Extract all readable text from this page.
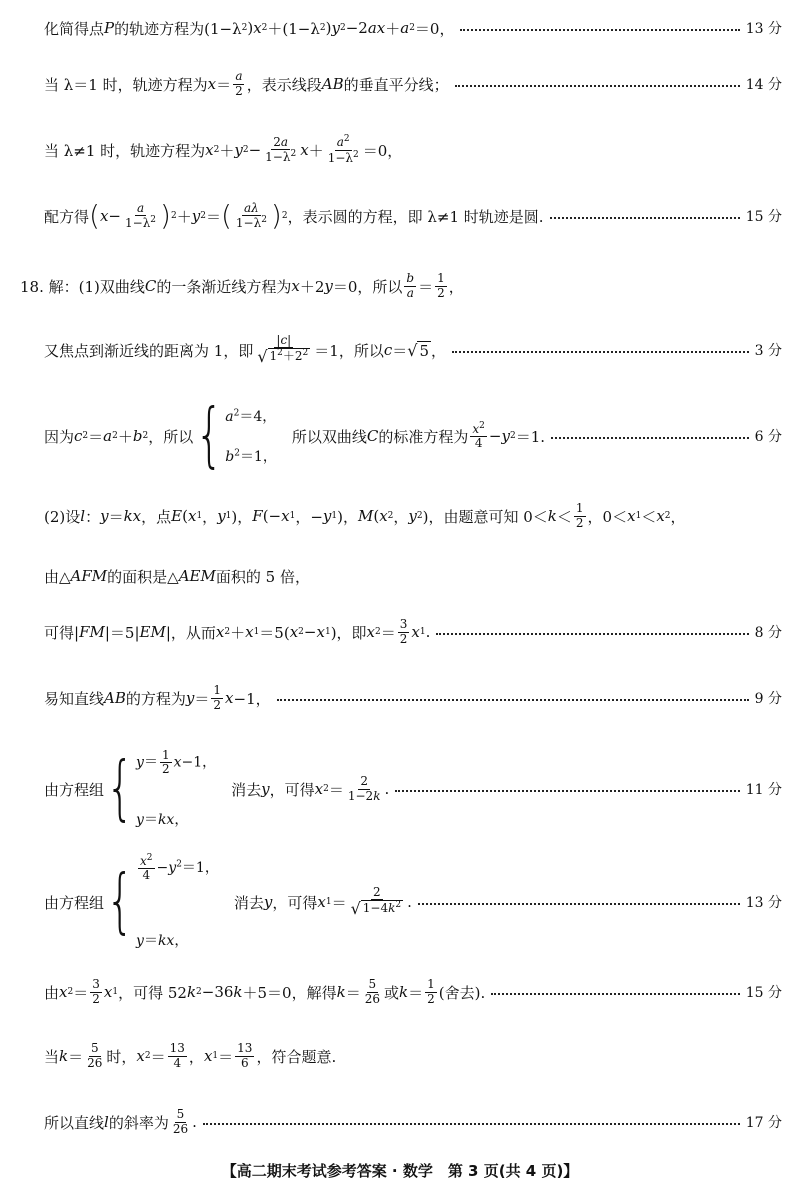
化简得点 P 的轨迹方程为(1−λ 2 ) x 2 ＋(1−λ 2 ) y 2 −2 ax ＋ a 2 ＝0，	13 分
当 λ＝1 时，轨迹方程为 $x = \frac{a}{2}$ ，表示线段 AB 的垂直平分线；	14 分
当 λ≠1 时，轨迹方程为 x 2 ＋ y $2 - \frac{2a}{1-\lambda^2}$ $x + \frac{a^2}{1-\lambda^2} =0$，
配方得 ( $x - \frac{a}{1-\lambda^2}$ ) 2 ＋ y 2 ＝ ( $\frac{a\lambda}{1-\lambda^2}$ ) 2 ，表示圆的方程，即 λ≠1 时轨迹是圆.	15 分
18. 解：(1)双曲线 C 的一条渐近线方程为 x ＋2 y ＝0，所以 $\frac{b}{a} = \frac{1}{2}$ ，
又焦点到渐近线的距离为 1，即 $\frac{|c|}{√ 1^2+2^2} =1$，所以 c ＝ √ 5 ，	3 分
因为 c 2 ＝ a 2 ＋ b 2 ，所以 { $a^2=4$，
$b^2=1$，
　所以双曲线 C 的标准方程为 $\frac{x^2}{4} - y$ 2 ＝1.	6 分
(2)设 l ： y ＝ kx ，点 E ( x 1 ， y 1 )， F (− x 1 ，− y 1 )， M ( x 2 ， y 2 )，由题意可知 $0< k < \frac{1}{2}$ ，0＜ x 1 ＜ x 2 ，
由△ AFM 的面积是△ AEM 面积的 5 倍，
可得| FM |＝5| EM |，从而 x 2 ＋ x 1 ＝5( x 2 − x 1 )，即 x $2 = \frac{3}{2}$ x 1 .	8 分
易知直线 AB 的方程为 $y = \frac{1}{2}$ x −1，	9 分
由方程组 { $y= \frac{1}{2} x-1$，
y＝kx，
　消去 y ，可得 x $2 = \frac{2}{1-2k}$ .	11 分
由方程组 { $\frac{x^2}{4} -y^2=1$，
y＝kx，
　消去 y ，可得 x $1 = \frac{2}{√ 1-4k^2}$ .	13 分
由 x $2 = \frac{3}{2}$ x 1 ，可得 52 k 2 −36 k ＋5＝0，解得 $k = \frac{5}{26}$ 或 $k = \frac{1}{2}$ (舍去).	15 分
当 $k = \frac{5}{26}$ 时， x $2 = \frac{13}{4}$ ， x $1 = \frac{13}{6}$ ，符合题意.
所以直线 l 的斜率为 $\frac{5}{26}$ .	17 分
【高二期末考试参考答案 · 数学　第 3 页(共 4 页)】
